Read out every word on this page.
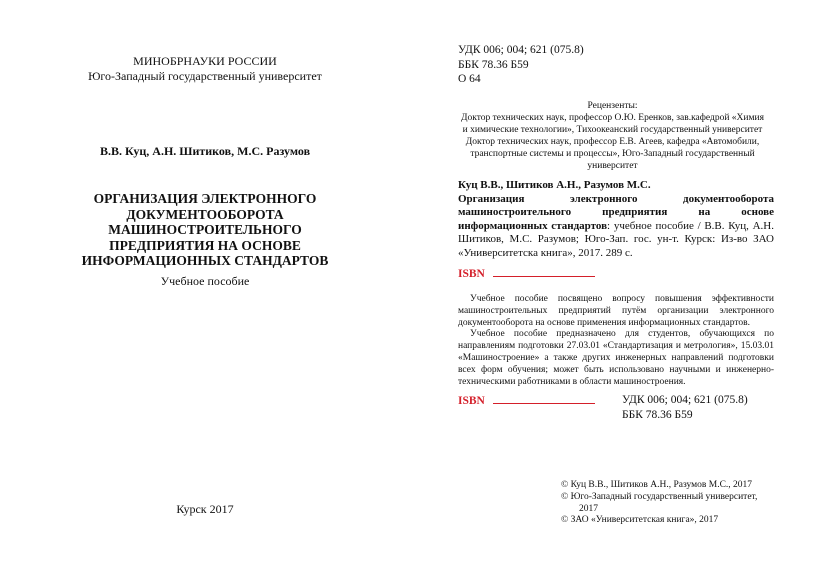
МИНОБРНАУКИ РОССИИ
Юго-Западный государственный университет
В.В. Куц, А.Н. Шитиков, М.С. Разумов
ОРГАНИЗАЦИЯ ЭЛЕКТРОННОГО
ДОКУМЕНТООБОРОТА
МАШИНОСТРОИТЕЛЬНОГО
ПРЕДПРИЯТИЯ НА ОСНОВЕ
ИНФОРМАЦИОННЫХ СТАНДАРТОВ
Учебное пособие
Курск 2017
УДК 006; 004; 621 (075.8)
ББК 78.36 Б59
О 64
Рецензенты:
Доктор технических наук, профессор О.Ю. Еренков, зав.кафедрой «Химия
и химические технологии», Тихоокеанский государственный университет
Доктор технических наук, профессор Е.В. Агеев, кафедра «Автомобили,
транспортные системы и процессы», Юго-Западный государственный
университет
Куц В.В., Шитиков А.Н., Разумов М.С.
Организация электронного документооборота машиностроительного предприятия на основе информационных стандартов: учебное пособие / В.В. Куц, А.Н. Шитиков, М.С. Разумов; Юго-Зап. гос. ун-т. Курск: Из-во ЗАО «Университетска книга», 2017. 289 с.
ISBN

Учебное пособие посвящено вопросу повышения эффективности машиностроительных предприятий путём организации электронного документооборота на основе применения информационных стандартов.

Учебное пособие предназначено для студентов, обучающихся по направлениям подготовки 27.03.01 «Стандартизация и метрология», 15.03.01 «Машиностроение» а также других инженерных направлений подготовки всех форм обучения; может быть использовано научными и инженерно-техническими работниками в области машиностроения.

ISBN	УДК 006; 004; 621 (075.8)
ББК 78.36 Б59
© Куц В.В., Шитиков А.Н., Разумов М.С., 2017
© Юго-Западный государственный университет,
2017
© ЗАО «Университетская книга», 2017
